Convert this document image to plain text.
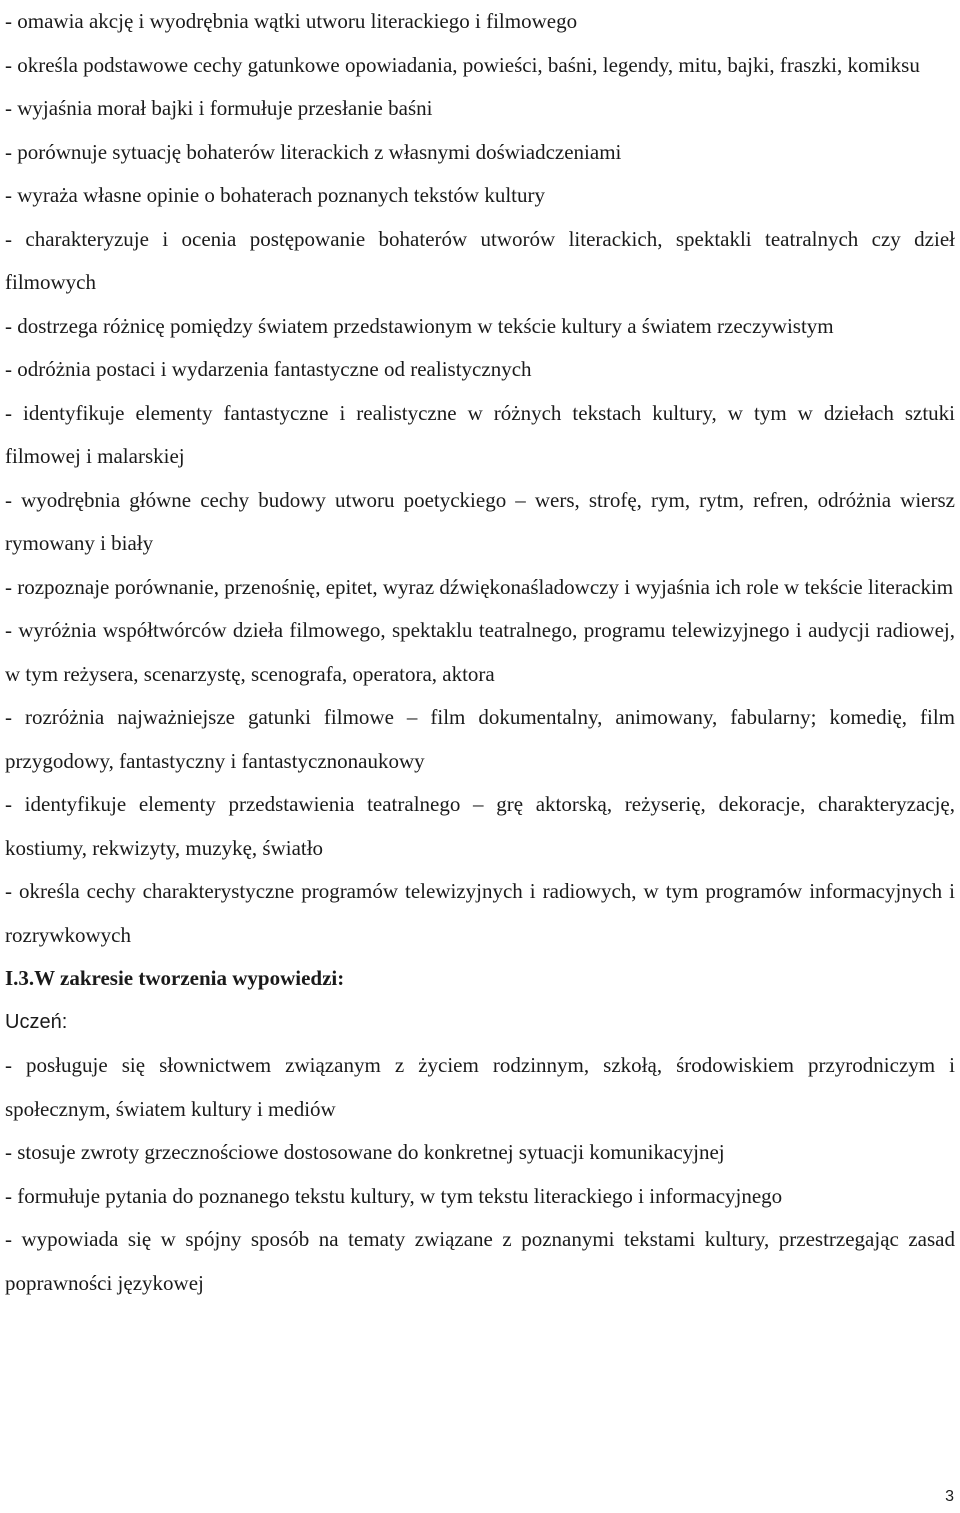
- omawia akcję i wyodrębnia wątki utworu literackiego i filmowego

- określa podstawowe cechy gatunkowe opowiadania, powieści, baśni, legendy, mitu, bajki, fraszki, komiksu

- wyjaśnia morał bajki i formułuje przesłanie baśni

- porównuje sytuację bohaterów literackich z własnymi doświadczeniami

- wyraża własne opinie o bohaterach poznanych tekstów kultury

- charakteryzuje i ocenia postępowanie bohaterów utworów literackich, spektakli teatralnych czy dzieł filmowych

- dostrzega różnicę pomiędzy światem przedstawionym w tekście kultury a światem rzeczywistym

- odróżnia postaci i wydarzenia fantastyczne od realistycznych

- identyfikuje elementy fantastyczne i realistyczne w różnych tekstach kultury, w tym w dziełach sztuki filmowej i malarskiej

- wyodrębnia główne cechy budowy utworu poetyckiego – wers, strofę, rym, rytm, refren, odróżnia wiersz rymowany i biały

- rozpoznaje porównanie, przenośnię, epitet, wyraz dźwiękonaśladowczy i wyjaśnia ich role w tekście literackim

- wyróżnia współtwórców dzieła filmowego, spektaklu teatralnego, programu telewizyjnego i audycji radiowej, w tym reżysera, scenarzystę, scenografa, operatora, aktora

- rozróżnia najważniejsze gatunki filmowe – film dokumentalny, animowany, fabularny; komedię, film przygodowy, fantastyczny i fantastycznonaukowy

- identyfikuje elementy przedstawienia teatralnego – grę aktorską, reżyserię, dekoracje, charakteryzację, kostiumy, rekwizyty, muzykę, światło

- określa cechy charakterystyczne programów telewizyjnych i radiowych, w tym programów informacyjnych i rozrywkowych

I.3.W zakresie tworzenia wypowiedzi:

Uczeń:

- posługuje się słownictwem związanym z życiem rodzinnym, szkołą, środowiskiem przyrodniczym i społecznym, światem kultury i mediów

- stosuje zwroty grzecznościowe dostosowane do konkretnej sytuacji komunikacyjnej

- formułuje pytania do poznanego tekstu kultury, w tym tekstu literackiego i informacyjnego

- wypowiada się w spójny sposób na tematy związane z poznanymi tekstami kultury, przestrzegając zasad poprawności językowej

3
